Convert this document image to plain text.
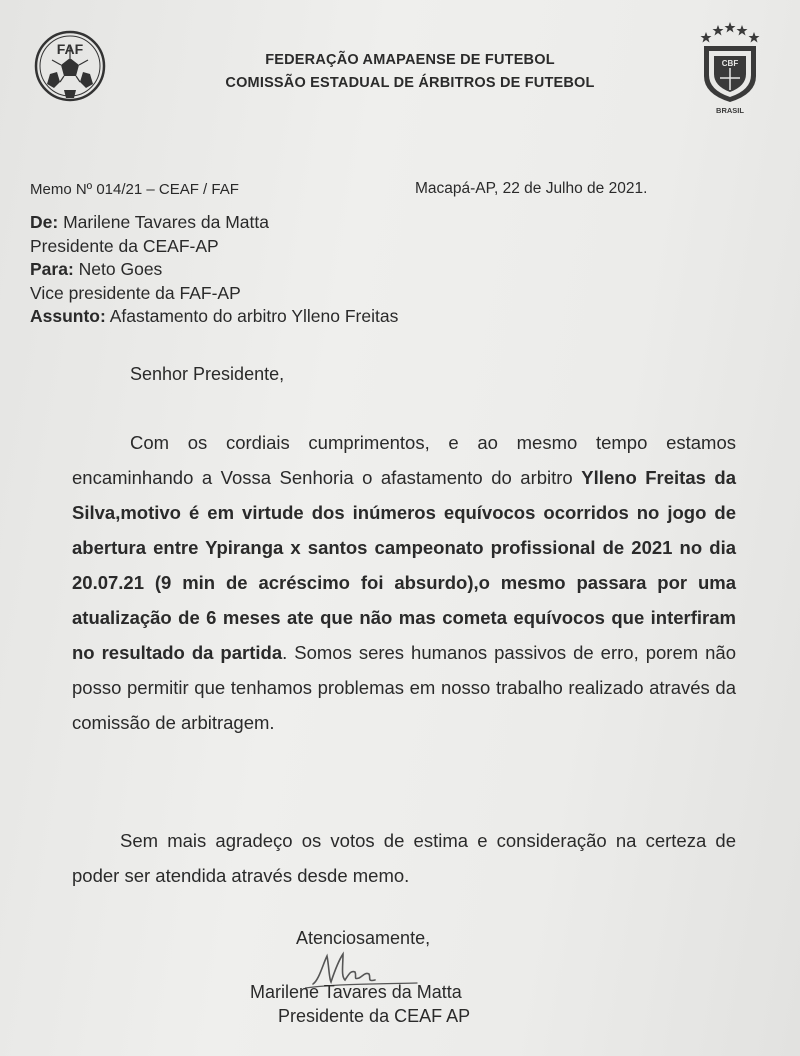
FAF
FEDERAÇÃO AMAPAENSE DE FUTEBOL
COMISSÃO ESTADUAL DE ÁRBITROS DE FUTEBOL
CBF
BRASIL
Memo Nº 014/21 – CEAF / FAF	Macapá-AP, 22 de Julho de 2021.
De: Marilene Tavares da Matta
Presidente da CEAF-AP
Para: Neto Goes
Vice presidente da FAF-AP
Assunto: Afastamento do arbitro Ylleno Freitas
Senhor Presidente,

Com os cordiais cumprimentos, e ao mesmo tempo estamos encaminhando a Vossa Senhoria o afastamento do arbitro Ylleno Freitas da Silva,motivo é em virtude dos inúmeros equívocos ocorridos no jogo de abertura entre Ypiranga x santos campeonato profissional de 2021 no dia 20.07.21 (9 min de acréscimo foi absurdo),o mesmo passara por uma atualização de 6 meses ate que não mas cometa equívocos que interfiram no resultado da partida. Somos seres humanos passivos de erro, porem não posso permitir que tenhamos problemas em nosso trabalho realizado através da comissão de arbitragem.

Sem mais agradeço os votos de estima e consideração na certeza de poder ser atendida através desde memo.

Atenciosamente,
Marilene Tavares da Matta
Presidente da CEAF AP
